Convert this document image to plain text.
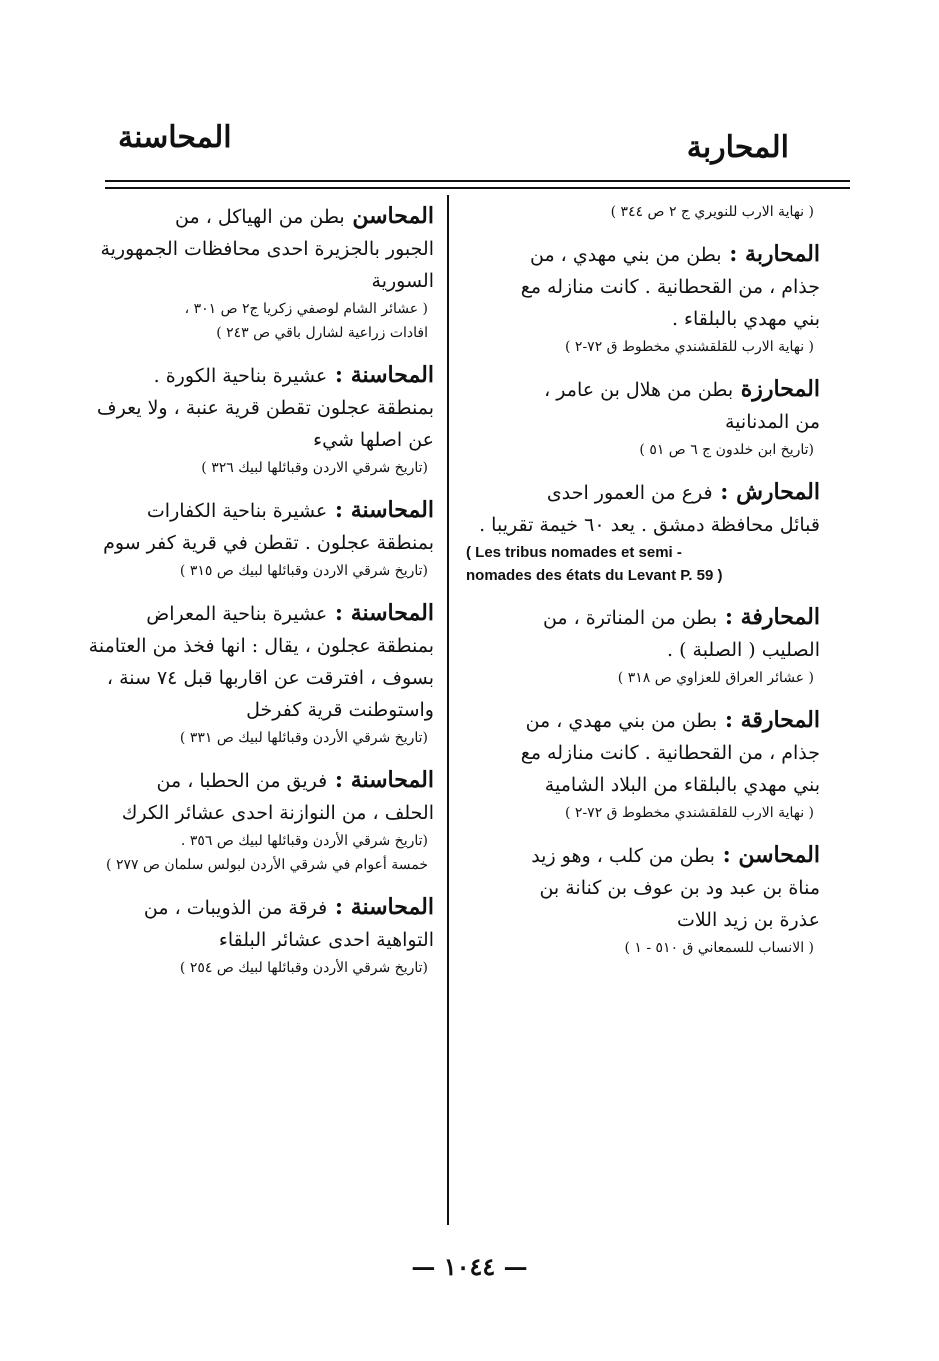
المحاسنة	المحاربة
( نهاية الارب للنويري ج ٢ ص ٣٤٤ )
المحاربة : بطن من بني مهدي ، من
جذام ، من القحطانية . كانت منازله مع
بني مهدي بالبلقاء .
( نهاية الارب للقلقشندي مخطوط ق ٧٢-٢ )
المحارزة بطن من هلال بن عامر ،
من المدنانية
(تاريخ ابن خلدون ج ٦ ص ٥١ )
المحارش : فرع من العمور احدى
قبائل محافظة دمشق . يعد ٦٠ خيمة تقريبا .
( Les tribus nomades et semi -
nomades des états du Levant P. 59 )
المحارفة : بطن من المناترة ، من
الصليب ( الصلبة ) .
( عشائر العراق للعزاوي ص ٣١٨ )
المحارقة : بطن من بني مهدي ، من
جذام ، من القحطانية . كانت منازله مع
بني مهدي بالبلقاء من البلاد الشامية
( نهاية الارب للقلقشندي مخطوط ق ٧٢-٢ )
المحاسن : بطن من كلب ، وهو زيد
مناة بن عبد ود بن عوف بن كنانة بن
عذرة بن زيد اللات
( الانساب للسمعاني ق ٥١٠ - ١ )
المحاسن بطن من الهياكل ، من
الجبور بالجزيرة احدى محافظات الجمهورية
السورية
( عشائر الشام لوصفي زكريا ج٢ ص ٣٠١ ،
افادات زراعية لشارل باقي ص ٢٤٣ )
المحاسنة : عشيرة بناحية الكورة .
بمنطقة عجلون تقطن قرية عنبة ، ولا يعرف
عن اصلها شيء
(تاريخ شرقي الاردن وقبائلها لبيك ٣٢٦ )
المحاسنة : عشيرة بناحية الكفارات
بمنطقة عجلون . تقطن في قرية كفر سوم
(تاريخ شرقي الاردن وقبائلها لبيك ص ٣١٥ )
المحاسنة : عشيرة بناحية المعراض
بمنطقة عجلون ، يقال : انها فخذ من العتامنة
بسوف ، افترقت عن اقاربها قبل ٧٤ سنة ،
واستوطنت قرية كفرخل
(تاريخ شرقي الأردن وقبائلها لبيك ص ٣٣١ )
المحاسنة : فريق من الحطبا ، من
الحلف ، من النوازنة احدى عشائر الكرك
(تاريخ شرقي الأردن وقبائلها لبيك ص ٣٥٦ .
خمسة أعوام في شرقي الأردن لبولس سلمان ص ٢٧٧ )
المحاسنة : فرقة من الذويبات ، من
التواهية احدى عشائر البلقاء
(تاريخ شرقي الأردن وقبائلها لبيك ص ٢٥٤ )
— ١٠٤٤ —
